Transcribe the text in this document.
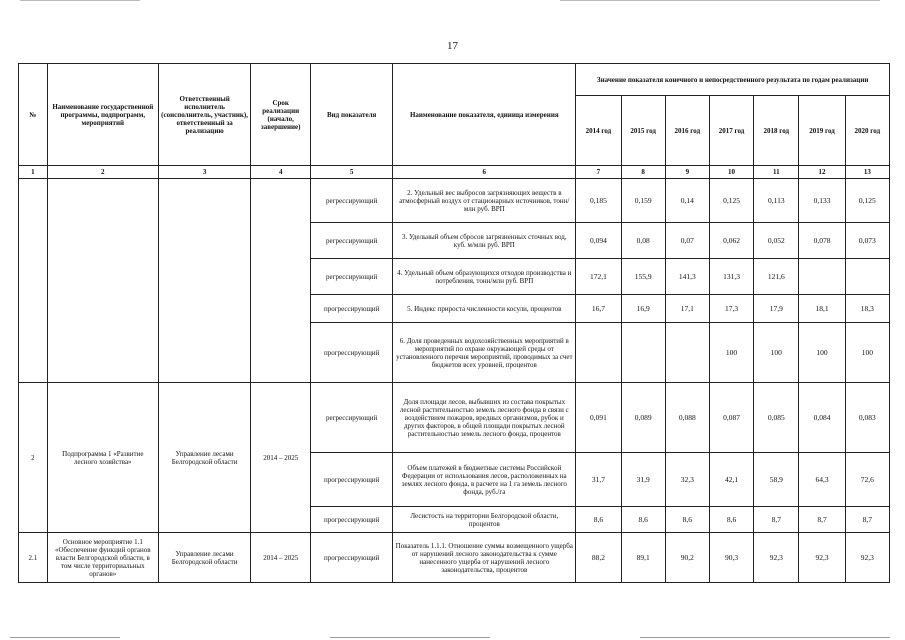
17
№	Наименование государственной программы, подпрограмм, мероприятий	Ответственный исполнитель (соисполнитель, участник), ответственный за реализацию	Срок реализации (начало, завершение)	Вид показателя	Наименование показателя, единица измерения	Значение показателя конечного и непосредственного результата по годам реализации						
						2014 год	2015 год	2016 год	2017 год	2018 год	2019 год	2020 год
1	2	3	4	5	6	7	8	9	10	11	12	13
				регрессирующий	2. Удельный вес выбросов загрязняющих веществ в атмосферный воздух от стационарных источников, тонн/млн руб. ВРП	0,185	0,159	0,14	0,125	0,113	0,133	0,125
				регрессирующий	3. Удельный объем сбросов загрязненных сточных вод, куб. м/млн руб. ВРП	0,094	0,08	0,07	0,062	0,052	0,078	0,073
				регрессирующий	4. Удельный объем образующихся отходов производства и потребления, тонн/млн руб. ВРП	172,1	155,9	141,3	131,3	121,6		
				прогрессирующий	5. Индекс прироста численности косули, процентов	16,7	16,9	17,1	17,3	17,9	18,1	18,3
				прогрессирующий	6. Доля проведенных водохозяйственных мероприятий в мероприятий по охране окружающей среды от установленного перечня мероприятий, проводимых за счет бюджетов всех уровней, процентов				100	100	100	100
2	Подпрограмма 1 «Развитие лесного хозяйства»	Управление лесами Белгородской области	2014 – 2025	регрессирующий	Доля площади лесов, выбывших из состава покрытых лесной растительностью земель лесного фонда в связи с воздействием пожаров, вредных организмов, рубок и других факторов, в общей площади покрытых лесной растительностью земель лесного фонда, процентов	0,091	0,089	0,088	0,087	0,085	0,084	0,083
				прогрессирующий	Объем платежей в бюджетные системы Российской Федерации от использования лесов, расположенных на землях лесного фонда, в расчете на 1 га земель лесного фонда, руб./га	31,7	31,9	32,3	42,1	58,9	64,3	72,6
				прогрессирующий	Лесистость на территории Белгородской области, процентов	8,6	8,6	8,6	8,6	8,7	8,7	8,7
2.1	Основное мероприятие 1.1 «Обеспечение функций органов власти Белгородской области, в том числе территориальных органов»	Управление лесами Белгородской области	2014 – 2025	прогрессирующий	Показатель 1.1.1. Отношение суммы возмещенного ущерба от нарушений лесного законодательства к сумме нанесенного ущерба от нарушений лесного законодательства, процентов	88,2	89,1	90,2	90,3	92,3	92,3	92,3
